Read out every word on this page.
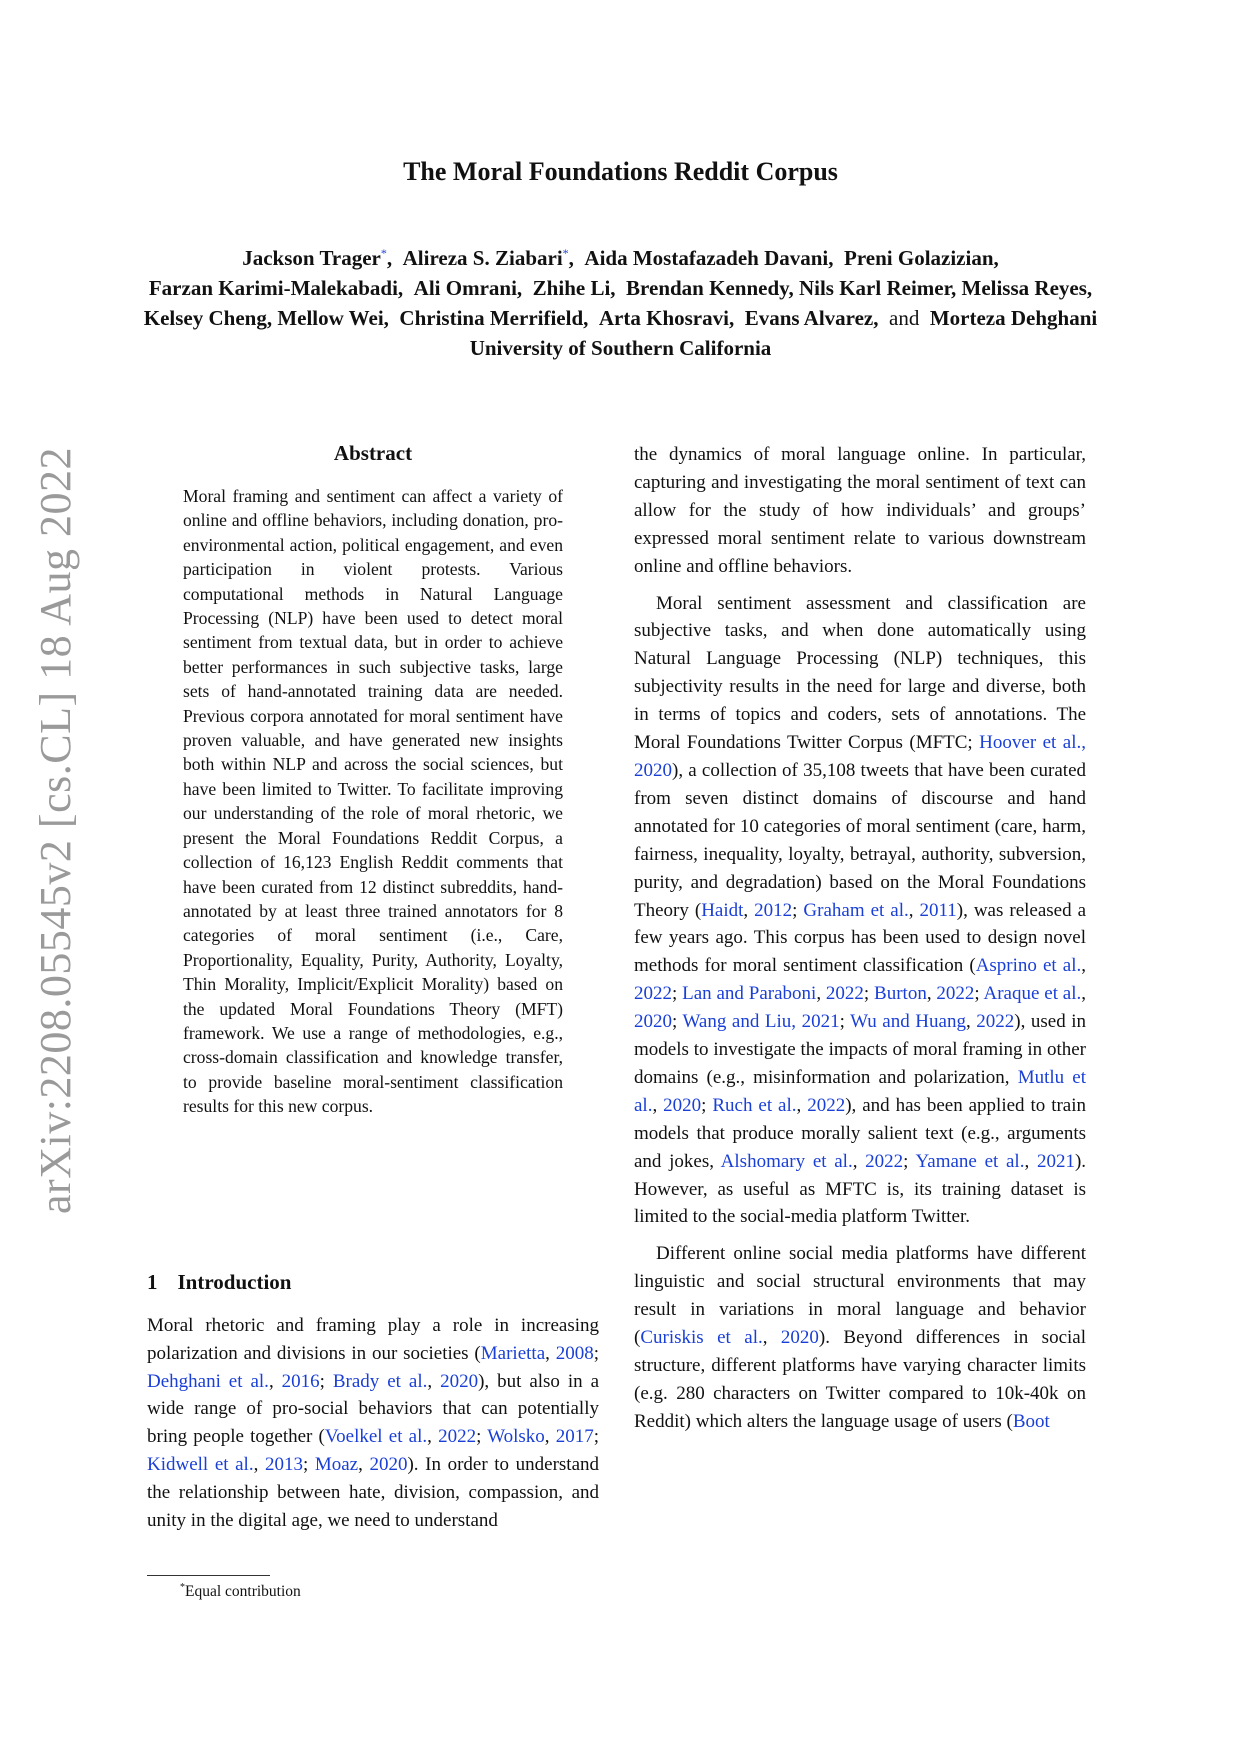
arXiv:2208.05545v2 [cs.CL] 18 Aug 2022
The Moral Foundations Reddit Corpus
Jackson Trager*, Alireza S. Ziabari*, Aida Mostafazadeh Davani, Preni Golazizian,
Farzan Karimi-Malekabadi, Ali Omrani, Zhihe Li, Brendan Kennedy, Nils Karl Reimer, Melissa Reyes,
Kelsey Cheng, Mellow Wei, Christina Merrifield, Arta Khosravi, Evans Alvarez, and Morteza Dehghani
University of Southern California
Abstract
Moral framing and sentiment can affect a variety of online and offline behaviors, including donation, pro-environmental action, political engagement, and even participation in violent protests. Various computational methods in Natural Language Processing (NLP) have been used to detect moral sentiment from textual data, but in order to achieve better performances in such subjective tasks, large sets of hand-annotated training data are needed. Previous corpora annotated for moral sentiment have proven valuable, and have generated new insights both within NLP and across the social sciences, but have been limited to Twitter. To facilitate improving our understanding of the role of moral rhetoric, we present the Moral Foundations Reddit Corpus, a collection of 16,123 English Reddit comments that have been curated from 12 distinct subreddits, hand-annotated by at least three trained annotators for 8 categories of moral sentiment (i.e., Care, Proportionality, Equality, Purity, Authority, Loyalty, Thin Morality, Implicit/Explicit Morality) based on the updated Moral Foundations Theory (MFT) framework. We use a range of methodologies, e.g., cross-domain classification and knowledge transfer, to provide baseline moral-sentiment classification results for this new corpus.
1 Introduction

Moral rhetoric and framing play a role in increasing polarization and divisions in our societies (Marietta, 2008; Dehghani et al., 2016; Brady et al., 2020), but also in a wide range of pro-social behaviors that can potentially bring people together (Voelkel et al., 2022; Wolsko, 2017; Kidwell et al., 2013; Moaz, 2020). In order to understand the relationship between hate, division, compassion, and unity in the digital age, we need to understand

the dynamics of moral language online. In particular, capturing and investigating the moral sentiment of text can allow for the study of how individuals’ and groups’ expressed moral sentiment relate to various downstream online and offline behaviors.

Moral sentiment assessment and classification are subjective tasks, and when done automatically using Natural Language Processing (NLP) techniques, this subjectivity results in the need for large and diverse, both in terms of topics and coders, sets of annotations. The Moral Foundations Twitter Corpus (MFTC; Hoover et al., 2020), a collection of 35,108 tweets that have been curated from seven distinct domains of discourse and hand annotated for 10 categories of moral sentiment (care, harm, fairness, inequality, loyalty, betrayal, authority, subversion, purity, and degradation) based on the Moral Foundations Theory (Haidt, 2012; Graham et al., 2011), was released a few years ago. This corpus has been used to design novel methods for moral sentiment classification (Asprino et al., 2022; Lan and Paraboni, 2022; Burton, 2022; Araque et al., 2020; Wang and Liu, 2021; Wu and Huang, 2022), used in models to investigate the impacts of moral framing in other domains (e.g., misinformation and polarization, Mutlu et al., 2020; Ruch et al., 2022), and has been applied to train models that produce morally salient text (e.g., arguments and jokes, Alshomary et al., 2022; Yamane et al., 2021). However, as useful as MFTC is, its training dataset is limited to the social-media platform Twitter.

Different online social media platforms have different linguistic and social structural environments that may result in variations in moral language and behavior (Curiskis et al., 2020). Beyond differences in social structure, different platforms have varying character limits (e.g. 280 characters on Twitter compared to 10k-40k on Reddit) which alters the language usage of users (Boot

*Equal contribution
